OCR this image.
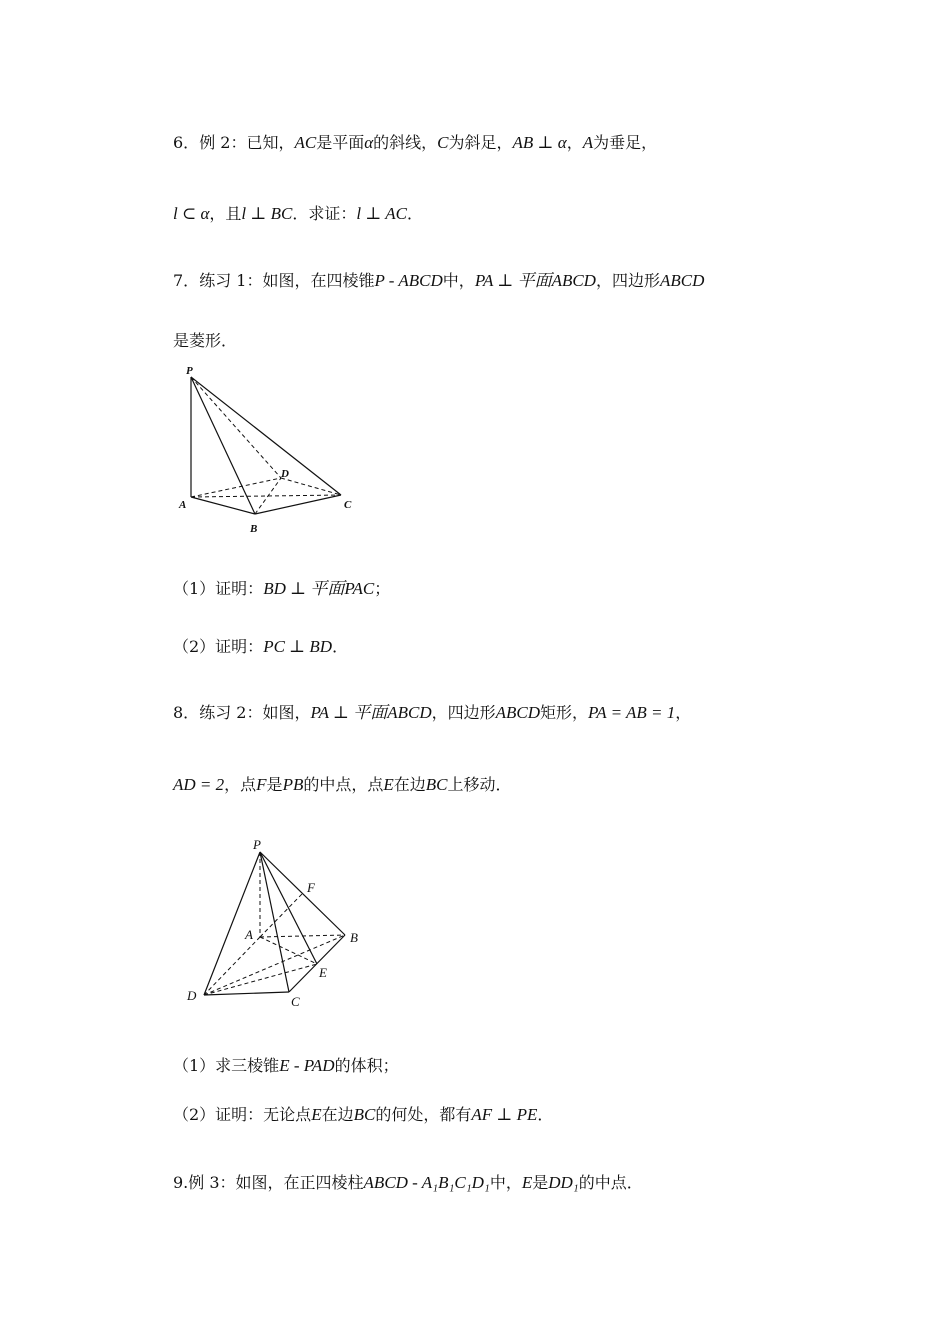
6．例 2：已知，AC是平面α的斜线，C为斜足，AB ⊥ α，A为垂足，
l ⊂ α，且l ⊥ BC．求证：l ⊥ AC．
7．练习 1：如图，在四棱锥P - ABCD中，PA ⊥ 平面ABCD，四边形ABCD
是菱形．
P
A
B
C
D
（1）证明：BD ⊥ 平面PAC；
（2）证明：PC ⊥ BD．
8．练习 2：如图，PA ⊥ 平面ABCD，四边形ABCD矩形，PA = AB = 1，
AD = 2，点F是PB的中点，点E在边BC上移动．
P
F
A	B
E
D	C
（1）求三棱锥E - PAD的体积；
（2）证明：无论点E在边BC的何处，都有AF ⊥ PE．
9.例 3：如图，在正四棱柱ABCD - A₁B₁C₁D₁中，E是DD₁的中点．
